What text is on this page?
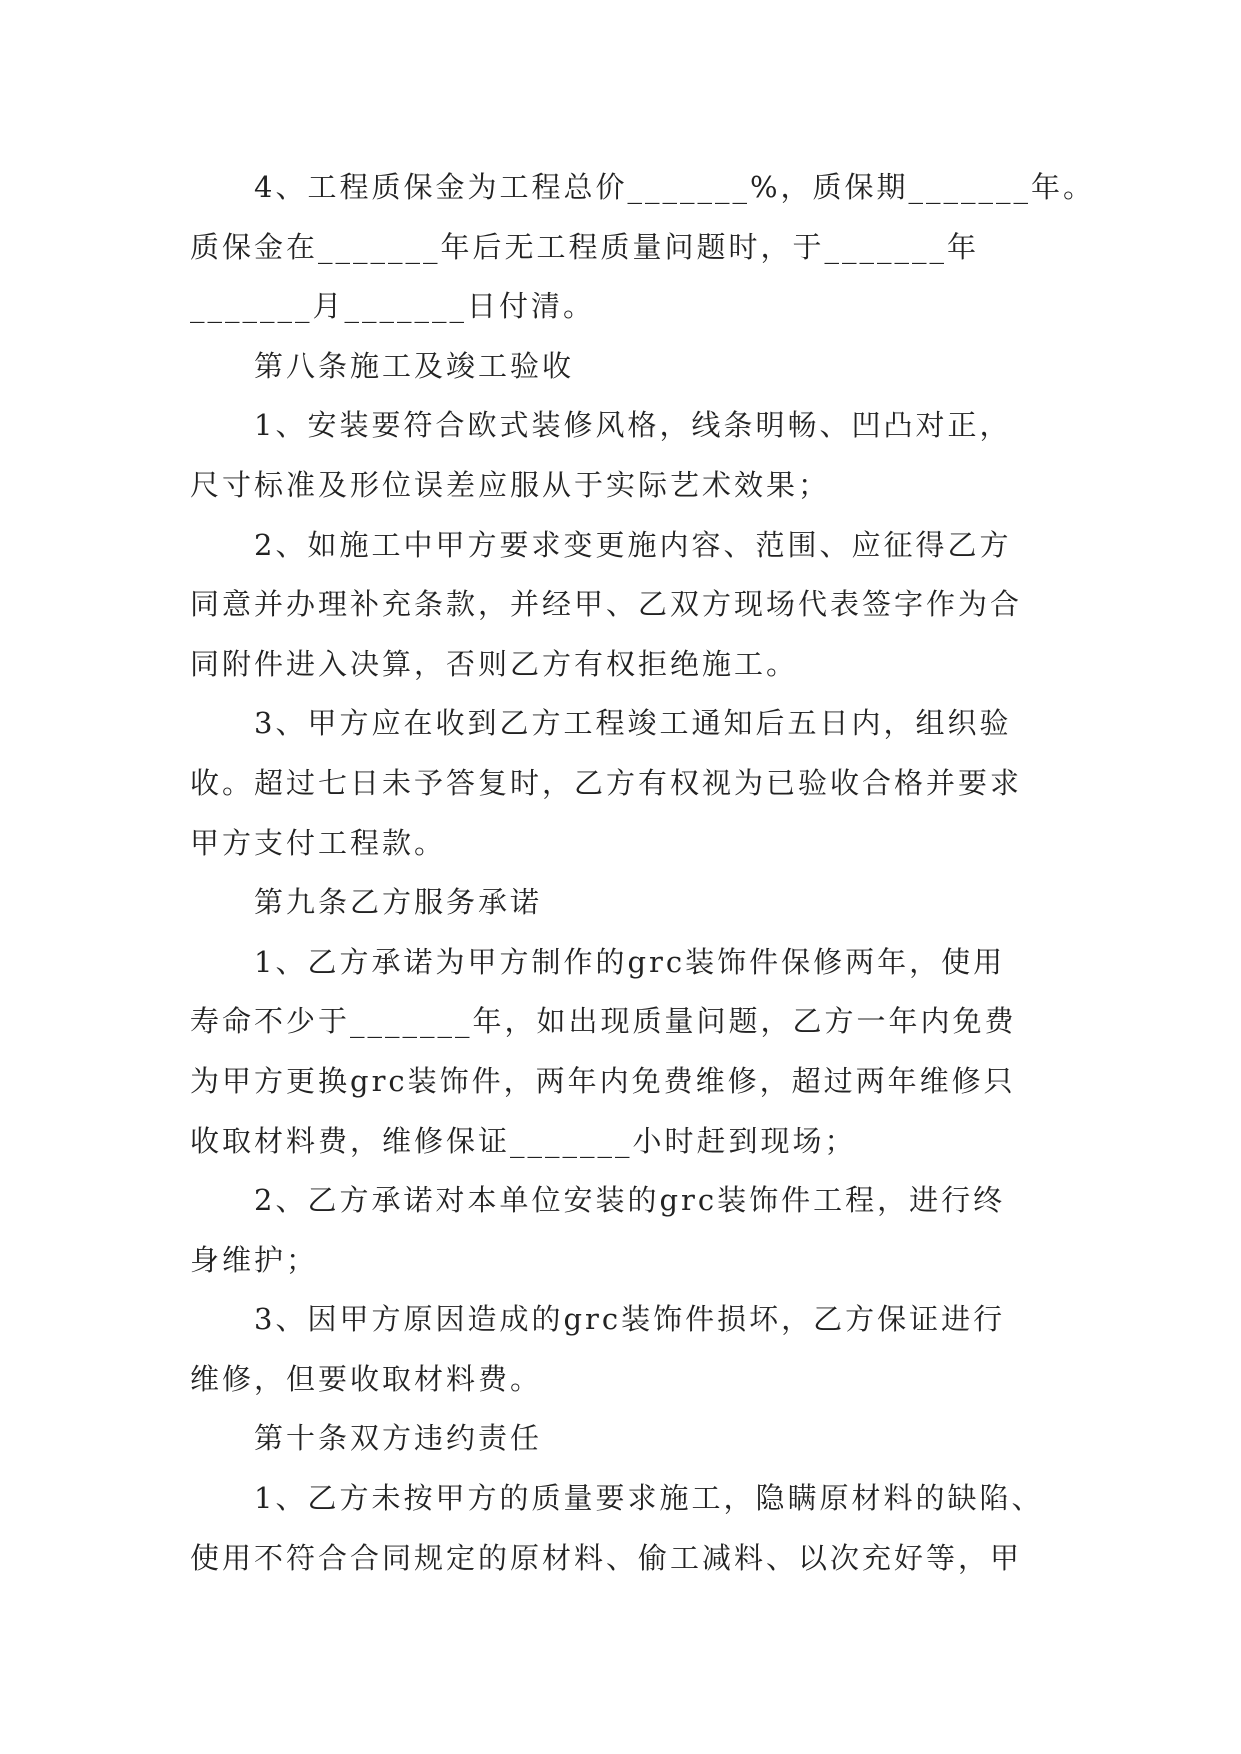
4、工程质保金为工程总价_______%，质保期_______年。
质保金在_______年后无工程质量问题时，于_______年
_______月_______日付清。
第八条施工及竣工验收
1、安装要符合欧式装修风格，线条明畅、凹凸对正，
尺寸标准及形位误差应服从于实际艺术效果；
2、如施工中甲方要求变更施内容、范围、应征得乙方
同意并办理补充条款，并经甲、乙双方现场代表签字作为合
同附件进入决算，否则乙方有权拒绝施工。
3、甲方应在收到乙方工程竣工通知后五日内，组织验
收。超过七日未予答复时，乙方有权视为已验收合格并要求
甲方支付工程款。
第九条乙方服务承诺
1、乙方承诺为甲方制作的grc装饰件保修两年，使用
寿命不少于_______年，如出现质量问题，乙方一年内免费
为甲方更换grc装饰件，两年内免费维修，超过两年维修只
收取材料费，维修保证_______小时赶到现场；
2、乙方承诺对本单位安装的grc装饰件工程，进行终
身维护；
3、因甲方原因造成的grc装饰件损坏，乙方保证进行
维修，但要收取材料费。
第十条双方违约责任
1、乙方未按甲方的质量要求施工，隐瞒原材料的缺陷、
使用不符合合同规定的原材料、偷工减料、以次充好等，甲
